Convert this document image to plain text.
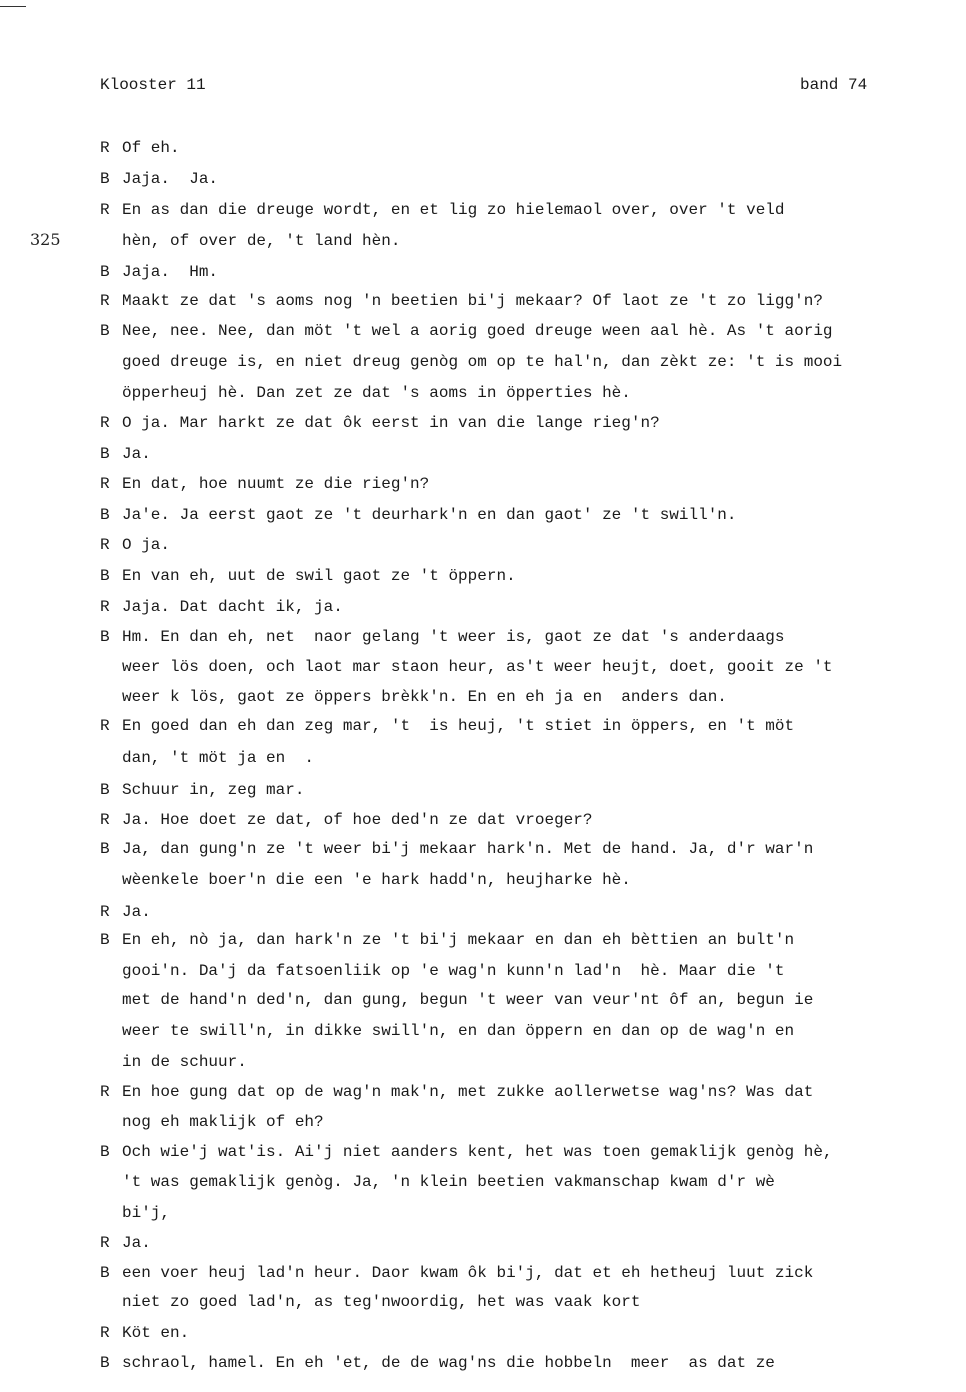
Klooster 11	band 74
325
R Of eh.
B Jaja.  Ja.
R En as dan die dreuge wordt, en et lig zo hielemaol over, over 't veld
hèn, of over de, 't land hèn.
B Jaja.  Hm.
R Maakt ze dat 's aoms nog 'n beetien bi'j mekaar? Of laot ze 't zo ligg'n?
B Nee, nee. Nee, dan möt 't wel a aorig goed dreuge ween aal hè. As 't aorig
goed dreuge is, en niet dreug genòg om op te hal'n, dan zèkt ze: 't is mooi
öpperheuj hè. Dan zet ze dat 's aoms in öpperties hè.
R O ja. Mar harkt ze dat ôk eerst in van die lange rieg'n?
B Ja.
R En dat, hoe nuumt ze die rieg'n?
B Ja'e. Ja eerst gaot ze 't deurhark'n en dan gaot' ze 't swill'n.
R O ja.
B En van eh, uut de swil gaot ze 't öppern.
R Jaja. Dat dacht ik, ja.
B Hm. En dan eh, net  naor gelang 't weer is, gaot ze dat 's anderdaags
weer lös doen, och laot mar staon heur, as't weer heujt, doet, gooit ze 't
weer k lös, gaot ze öppers brèkk'n. En en eh ja en  anders dan.
R En goed dan eh dan zeg mar, 't  is heuj, 't stiet in öppers, en 't möt
dan, 't möt ja en  .
B Schuur in, zeg mar.
R Ja. Hoe doet ze dat, of hoe ded'n ze dat vroeger?
B Ja, dan gung'n ze 't weer bi'j mekaar hark'n. Met de hand. Ja, d'r war'n
wèenkele boer'n die een 'e hark hadd'n, heujharke hè.
R Ja.
B En eh, nò ja, dan hark'n ze 't bi'j mekaar en dan eh bèttien an bult'n
gooi'n. Da'j da fatsoenliik op 'e wag'n kunn'n lad'n  hè. Maar die 't
met de hand'n ded'n, dan gung, begun 't weer van veur'nt ôf an, begun ie
weer te swill'n, in dikke swill'n, en dan öppern en dan op de wag'n en
in de schuur.
R En hoe gung dat op de wag'n mak'n, met zukke aollerwetse wag'ns? Was dat
nog eh maklijk of eh?
B Och wie'j wat'is. Ai'j niet aanders kent, het was toen gemaklijk genòg hè,
't was gemaklijk genòg. Ja, 'n klein beetien vakmanschap kwam d'r wè
bi'j,
R Ja.
B een voer heuj lad'n heur. Daor kwam ôk bi'j, dat et eh hetheuj luut zick
niet zo goed lad'n, as teg'nwoordig, het was vaak kort
R Köt en.
B schraol, hamel. En eh 'et, de de wag'ns die hobbeln  meer  as dat ze
